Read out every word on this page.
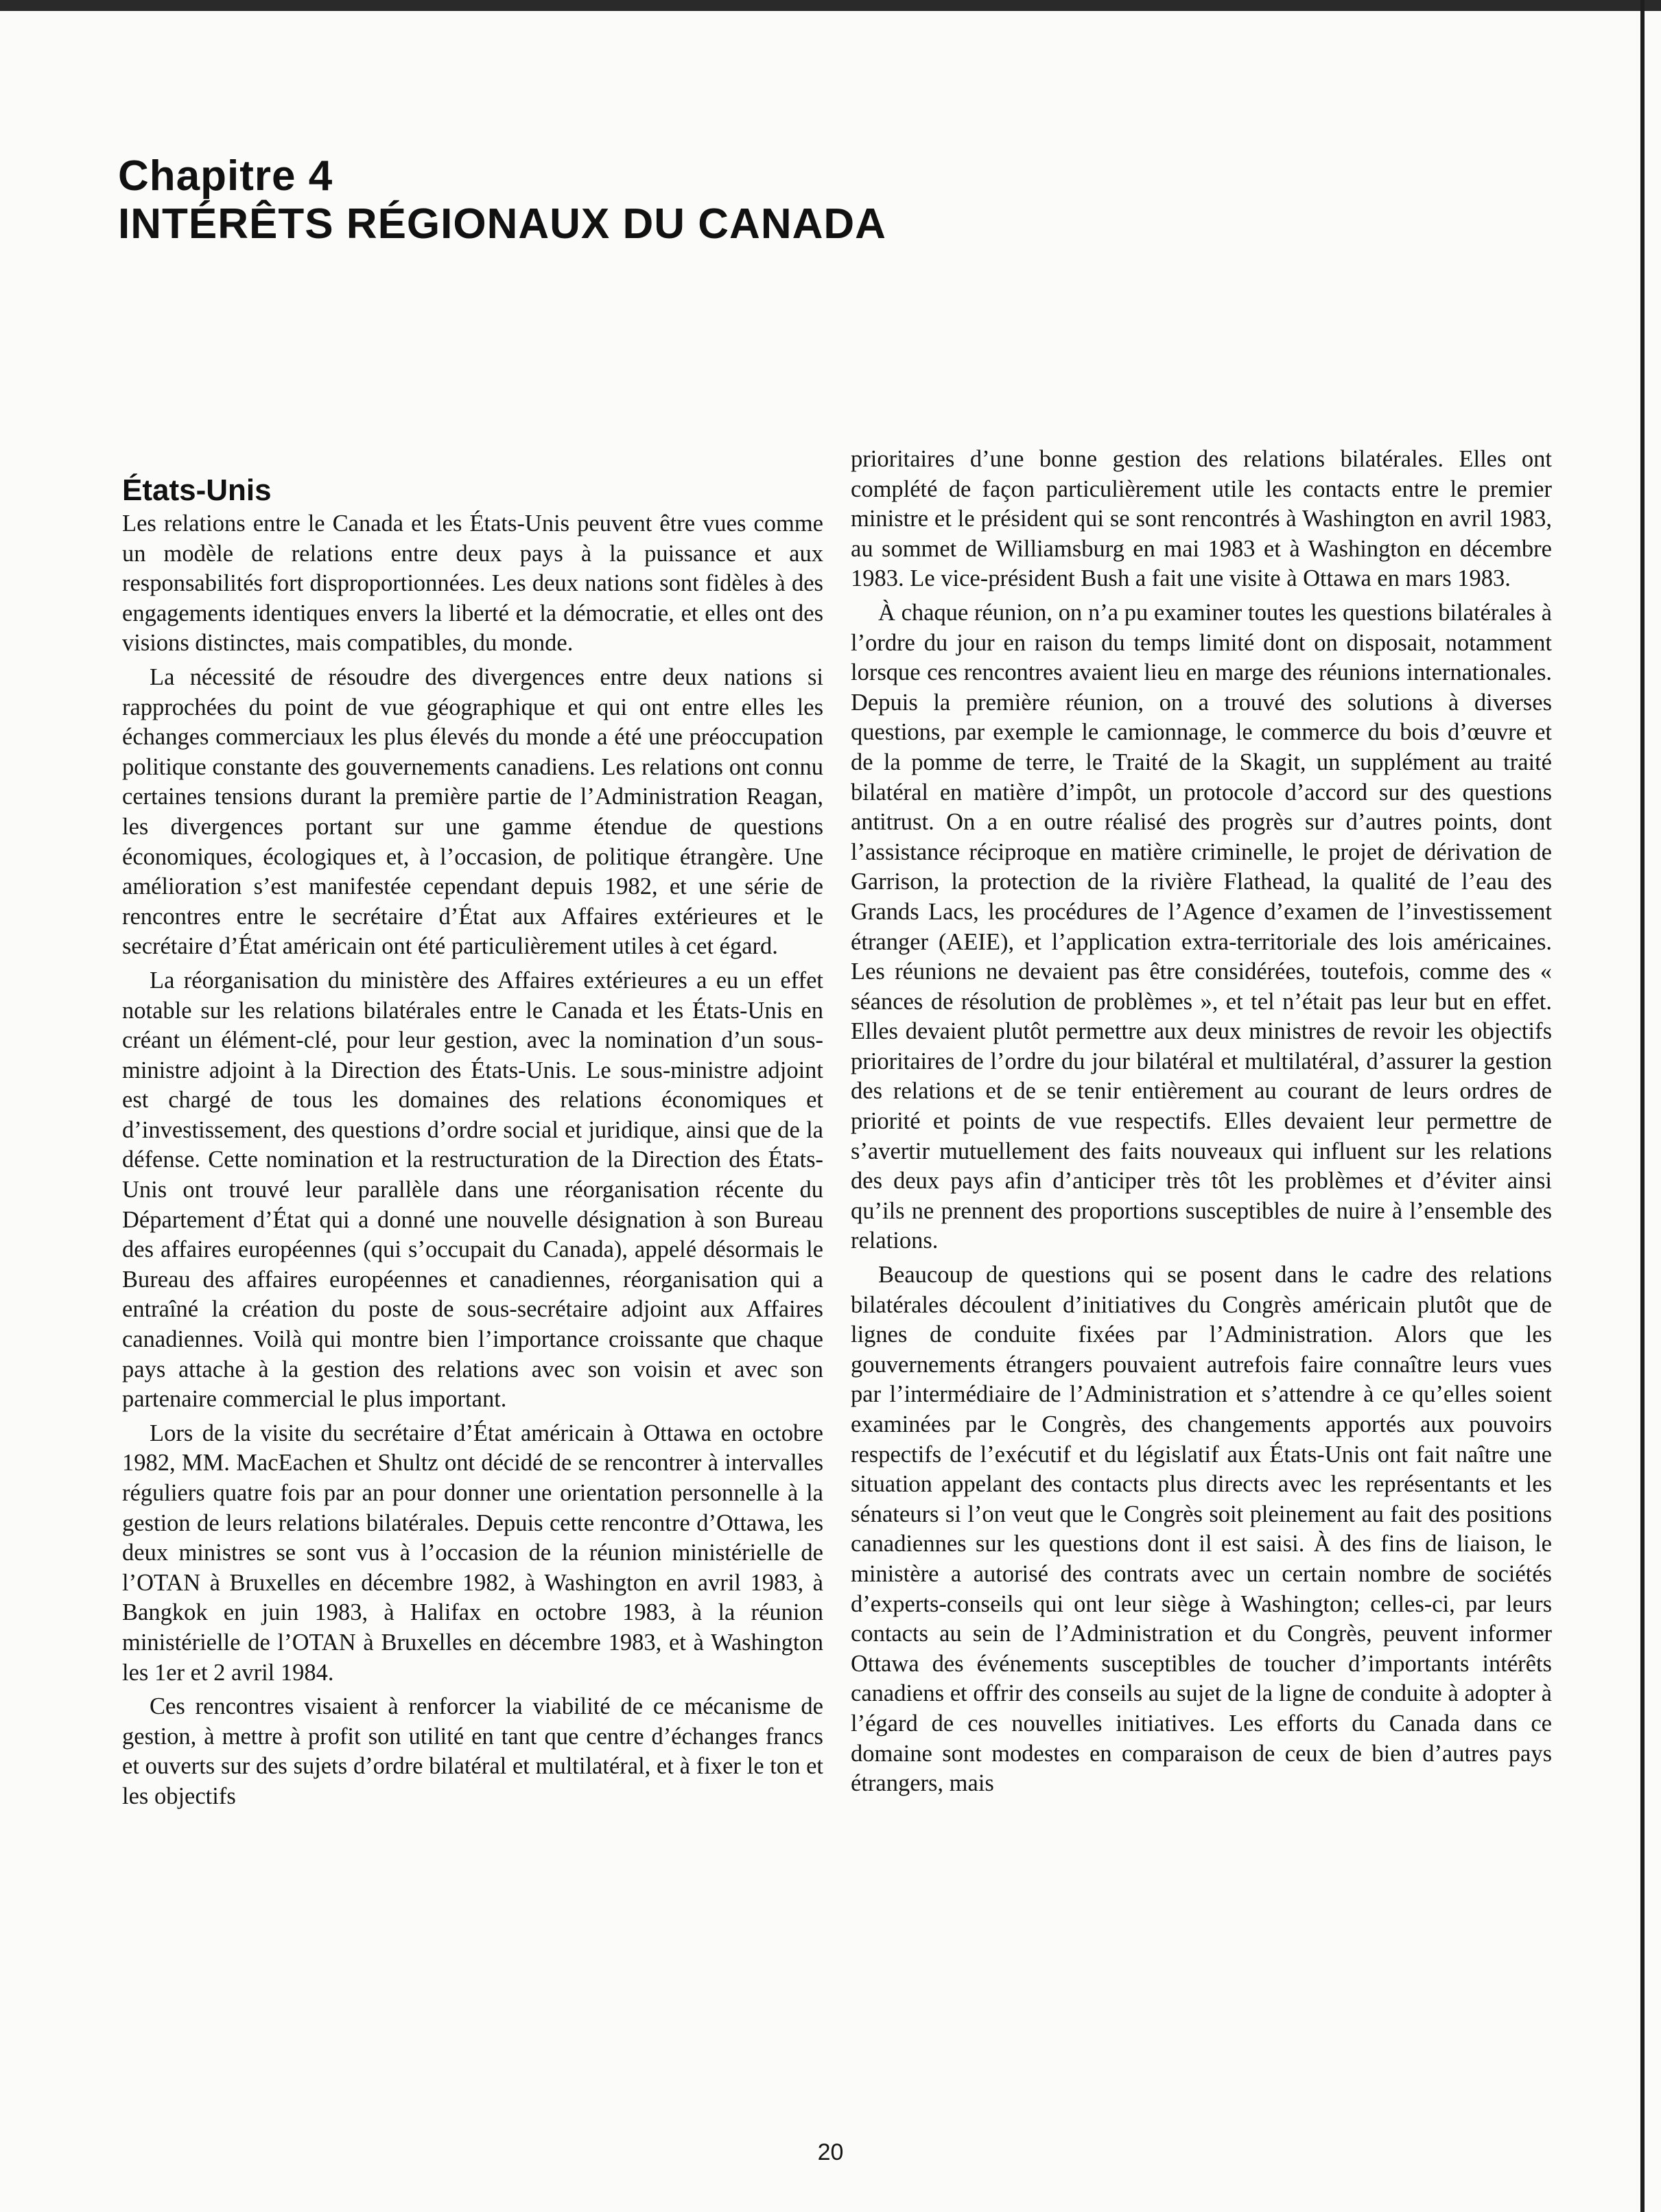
Chapitre 4
INTÉRÊTS RÉGIONAUX DU CANADA
États-Unis

Les relations entre le Canada et les États-Unis peuvent être vues comme un modèle de relations entre deux pays à la puissance et aux responsabilités fort disproportionnées. Les deux nations sont fidèles à des engagements identiques envers la liberté et la démocratie, et elles ont des visions distinctes, mais compatibles, du monde.

La nécessité de résoudre des divergences entre deux nations si rapprochées du point de vue géographique et qui ont entre elles les échanges commerciaux les plus élevés du monde a été une préoccupation politique constante des gouvernements canadiens. Les relations ont connu certaines tensions durant la première partie de l’Administration Reagan, les divergences portant sur une gamme étendue de questions économiques, écologiques et, à l’occasion, de politique étrangère. Une amélioration s’est manifestée cependant depuis 1982, et une série de rencontres entre le secrétaire d’État aux Affaires extérieures et le secrétaire d’État américain ont été particulièrement utiles à cet égard.

La réorganisation du ministère des Affaires extérieures a eu un effet notable sur les relations bilatérales entre le Canada et les États-Unis en créant un élément-clé, pour leur gestion, avec la nomination d’un sous-ministre adjoint à la Direction des États-Unis. Le sous-ministre adjoint est chargé de tous les domaines des relations économiques et d’investissement, des questions d’ordre social et juridique, ainsi que de la défense. Cette nomination et la restructuration de la Direction des États-Unis ont trouvé leur parallèle dans une réorganisation récente du Département d’État qui a donné une nouvelle désignation à son Bureau des affaires européennes (qui s’occupait du Canada), appelé désormais le Bureau des affaires européennes et canadiennes, réorganisation qui a entraîné la création du poste de sous-secrétaire adjoint aux Affaires canadiennes. Voilà qui montre bien l’importance croissante que chaque pays attache à la gestion des relations avec son voisin et avec son partenaire commercial le plus important.

Lors de la visite du secrétaire d’État américain à Ottawa en octobre 1982, MM. MacEachen et Shultz ont décidé de se rencontrer à intervalles réguliers quatre fois par an pour donner une orientation personnelle à la gestion de leurs relations bilatérales. Depuis cette rencontre d’Ottawa, les deux ministres se sont vus à l’occasion de la réunion ministérielle de l’OTAN à Bruxelles en décembre 1982, à Washington en avril 1983, à Bangkok en juin 1983, à Halifax en octobre 1983, à la réunion ministérielle de l’OTAN à Bruxelles en décembre 1983, et à Washington les 1er et 2 avril 1984.

Ces rencontres visaient à renforcer la viabilité de ce mécanisme de gestion, à mettre à profit son utilité en tant que centre d’échanges francs et ouverts sur des sujets d’ordre bilatéral et multilatéral, et à fixer le ton et les objectifs

prioritaires d’une bonne gestion des relations bilatérales. Elles ont complété de façon particulièrement utile les contacts entre le premier ministre et le président qui se sont rencontrés à Washington en avril 1983, au sommet de Williamsburg en mai 1983 et à Washington en décembre 1983. Le vice-président Bush a fait une visite à Ottawa en mars 1983.

À chaque réunion, on n’a pu examiner toutes les questions bilatérales à l’ordre du jour en raison du temps limité dont on disposait, notamment lorsque ces rencontres avaient lieu en marge des réunions internationales. Depuis la première réunion, on a trouvé des solutions à diverses questions, par exemple le camionnage, le commerce du bois d’œuvre et de la pomme de terre, le Traité de la Skagit, un supplément au traité bilatéral en matière d’impôt, un protocole d’accord sur des questions antitrust. On a en outre réalisé des progrès sur d’autres points, dont l’assistance réciproque en matière criminelle, le projet de dérivation de Garrison, la protection de la rivière Flathead, la qualité de l’eau des Grands Lacs, les procédures de l’Agence d’examen de l’investissement étranger (AEIE), et l’application extra-territoriale des lois américaines. Les réunions ne devaient pas être considérées, toutefois, comme des « séances de résolution de problèmes », et tel n’était pas leur but en effet. Elles devaient plutôt permettre aux deux ministres de revoir les objectifs prioritaires de l’ordre du jour bilatéral et multilatéral, d’assurer la gestion des relations et de se tenir entièrement au courant de leurs ordres de priorité et points de vue respectifs. Elles devaient leur permettre de s’avertir mutuellement des faits nouveaux qui influent sur les relations des deux pays afin d’anticiper très tôt les problèmes et d’éviter ainsi qu’ils ne prennent des proportions susceptibles de nuire à l’ensemble des relations.

Beaucoup de questions qui se posent dans le cadre des relations bilatérales découlent d’initiatives du Congrès américain plutôt que de lignes de conduite fixées par l’Administration. Alors que les gouvernements étrangers pouvaient autrefois faire connaître leurs vues par l’intermédiaire de l’Administration et s’attendre à ce qu’elles soient examinées par le Congrès, des changements apportés aux pouvoirs respectifs de l’exécutif et du législatif aux États-Unis ont fait naître une situation appelant des contacts plus directs avec les représentants et les sénateurs si l’on veut que le Congrès soit pleinement au fait des positions canadiennes sur les questions dont il est saisi. À des fins de liaison, le ministère a autorisé des contrats avec un certain nombre de sociétés d’experts-conseils qui ont leur siège à Washington; celles-ci, par leurs contacts au sein de l’Administration et du Congrès, peuvent informer Ottawa des événements susceptibles de toucher d’importants intérêts canadiens et offrir des conseils au sujet de la ligne de conduite à adopter à l’égard de ces nouvelles initiatives. Les efforts du Canada dans ce domaine sont modestes en comparaison de ceux de bien d’autres pays étrangers, mais

20
